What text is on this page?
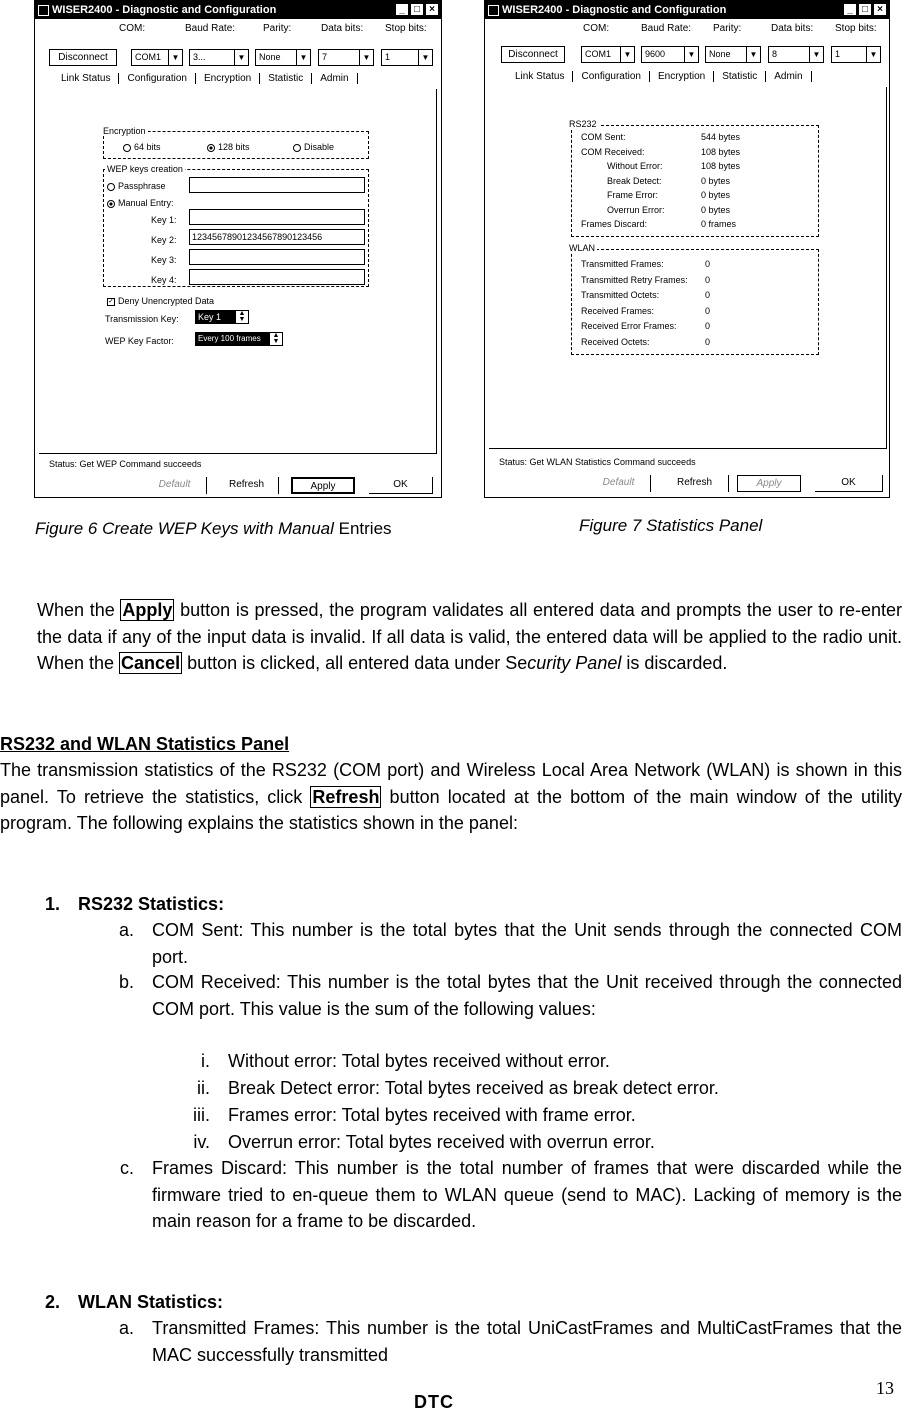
WISER2400 - Diagnostic and Configuration	_ □ ×
COM:	Baud Rate:	Parity:	Data bits: Stop bits:
Disconnect	COM1	▼	3...	▼	None	▼	7	▼	1	▼
Link Status	Configuration	Encryption	Statistic	Admin
Encryption
64 bits	128 bits	Disable
WEP keys creation
Passphrase
Manual Entry:
Key 1:
Key 2:	12345678901234567890123456
Key 3:
Key 4:
✓ Deny Unencrypted Data
Transmission Key:	Key 1	▲
▼
WEP Key Factor:	Every 100 frames	▲
▼
Status: Get WEP Command succeeds
Default	Refresh	Apply	OK
WISER2400 - Diagnostic and Configuration	_ □ ×
COM:	Baud Rate: Parity:	Data bits: Stop bits:
Disconnect	COM1	▼	9600	▼	None	▼	8	▼	1	▼
Link Status	Configuration	Encryption	Statistic	Admin
RS232
COM Sent:	544 bytes
COM Received:	108 bytes
Without Error:	108 bytes
Break Detect:	0 bytes
Frame Error:	0 bytes
Overrun Error:	0 bytes
Frames Discard:	0 frames
WLAN
Transmitted Frames:	0
Transmitted Retry Frames: 0
Transmitted Octets:	0
Received Frames:	0
Received Error Frames:	0
Received Octets:	0
Status: Get WLAN Statistics Command succeeds
Default	Refresh	Apply	OK
Figure 6 Create WEP Keys with Manual Entries	Figure 7 Statistics Panel
When the Apply button is pressed, the program validates all entered data and prompts the user to re-enter the data if any of the input data is invalid. If all data is valid, the entered data will be applied to the radio unit. When the Cancel button is clicked, all entered data under Security Panel is discarded.
RS232 and WLAN Statistics Panel
The transmission statistics of the RS232 (COM port) and Wireless Local Area Network (WLAN) is shown in this panel. To retrieve the statistics, click Refresh button located at the bottom of the main window of the utility program. The following explains the statistics shown in the panel:
1. RS232 Statistics:
a. COM Sent: This number is the total bytes that the Unit sends through the connected COM port.
b. COM Received: This number is the total bytes that the Unit received through the connected COM port. This value is the sum of the following values:
i. Without error: Total bytes received without error.
ii. Break Detect error: Total bytes received as break detect error.
iii. Frames error: Total bytes received with frame error.
iv. Overrun error: Total bytes received with overrun error.
c. Frames Discard: This number is the total number of frames that were discarded while the firmware tried to en-queue them to WLAN queue (send to MAC). Lacking of memory is the main reason for a frame to be discarded.
2. WLAN Statistics:
a. Transmitted Frames: This number is the total UniCastFrames and MultiCastFrames that the MAC successfully transmitted
DTC
13
